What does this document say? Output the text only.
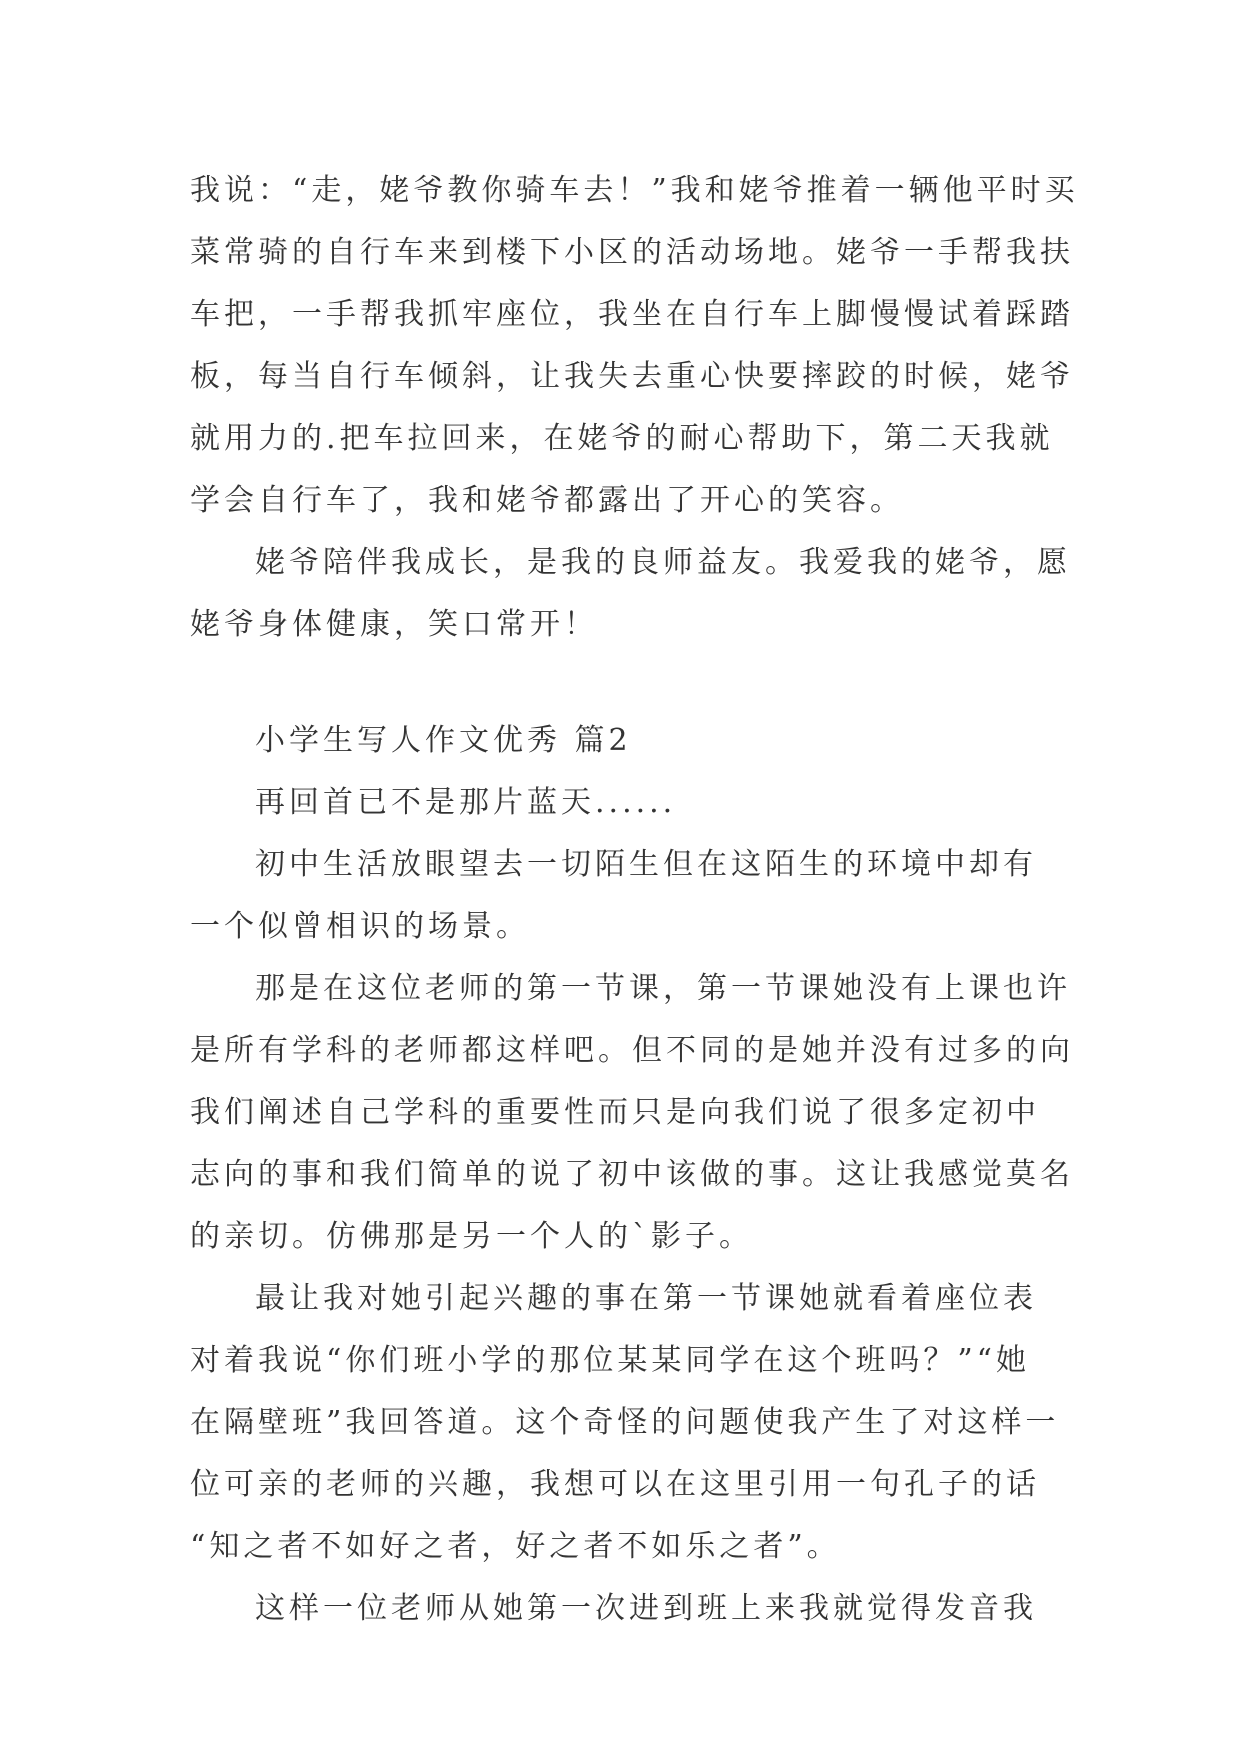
我说：“走，姥爷教你骑车去！”我和姥爷推着一辆他平时买
菜常骑的自行车来到楼下小区的活动场地。姥爷一手帮我扶
车把，一手帮我抓牢座位，我坐在自行车上脚慢慢试着踩踏
板，每当自行车倾斜，让我失去重心快要摔跤的时候，姥爷
就用力的.把车拉回来，在姥爷的耐心帮助下，第二天我就
学会自行车了，我和姥爷都露出了开心的笑容。
姥爷陪伴我成长，是我的良师益友。我爱我的姥爷，愿
姥爷身体健康，笑口常开！
小学生写人作文优秀 篇2
再回首已不是那片蓝天......
初中生活放眼望去一切陌生但在这陌生的环境中却有
一个似曾相识的场景。
那是在这位老师的第一节课，第一节课她没有上课也许
是所有学科的老师都这样吧。但不同的是她并没有过多的向
我们阐述自己学科的重要性而只是向我们说了很多定初中
志向的事和我们简单的说了初中该做的事。这让我感觉莫名
的亲切。仿佛那是另一个人的`影子。
最让我对她引起兴趣的事在第一节课她就看着座位表
对着我说“你们班小学的那位某某同学在这个班吗？”“她
在隔壁班”我回答道。这个奇怪的问题使我产生了对这样一
位可亲的老师的兴趣，我想可以在这里引用一句孔子的话
“知之者不如好之者，好之者不如乐之者”。
这样一位老师从她第一次进到班上来我就觉得发音我
